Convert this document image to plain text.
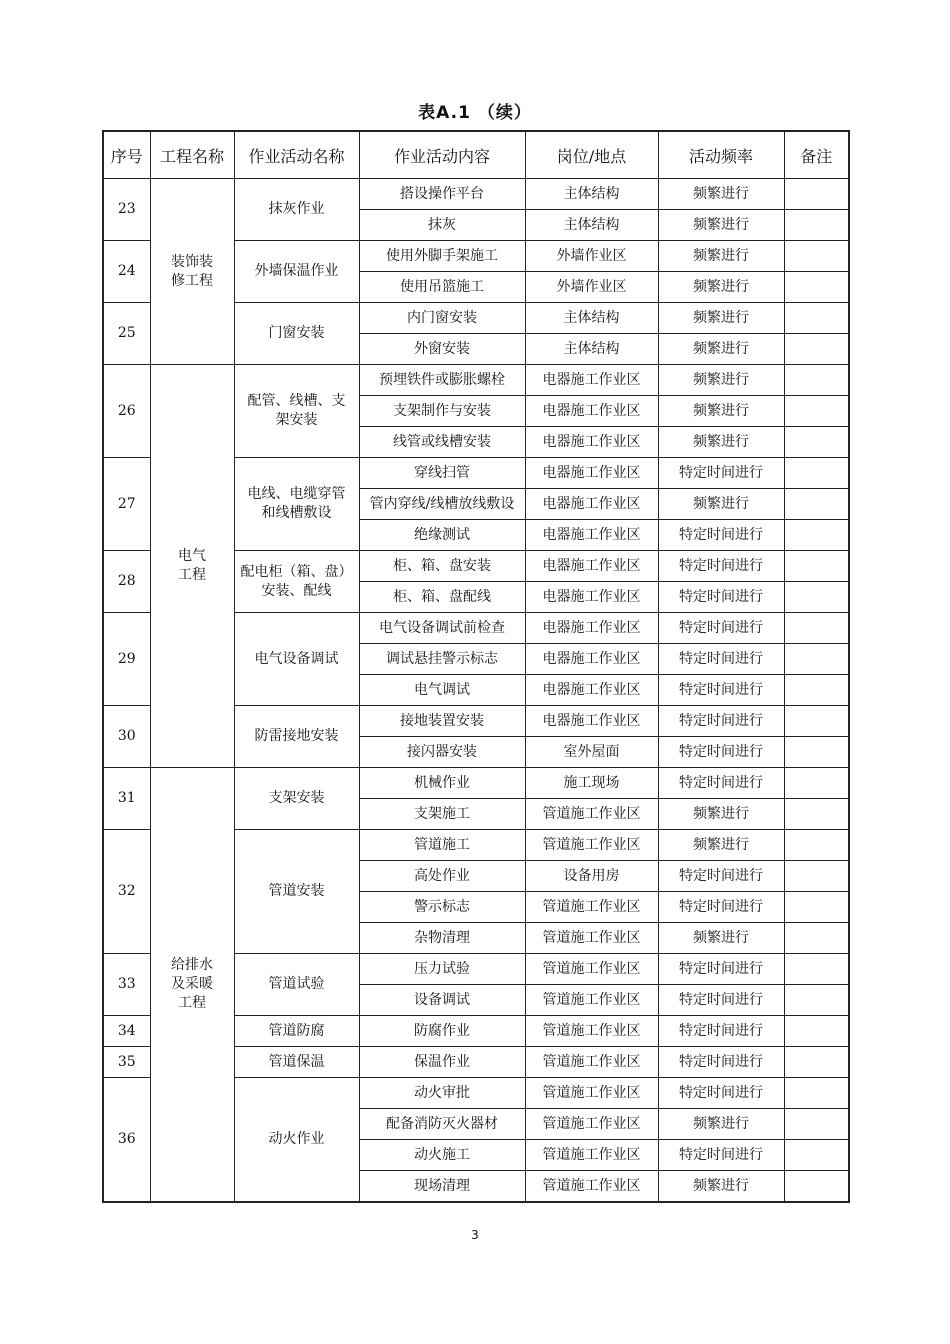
表A.1 （续）
序号	工程名称	作业活动名称	作业活动内容	岗位/地点	活动频率	备注
23	装饰装修工程	抹灰作业	搭设操作平台	主体结构	频繁进行	
			抹灰	主体结构	频繁进行	
24		外墙保温作业	使用外脚手架施工	外墙作业区	频繁进行	
			使用吊篮施工	外墙作业区	频繁进行	
25		门窗安装	内门窗安装	主体结构	频繁进行	
			外窗安装	主体结构	频繁进行	
26	电气工程	配管、线槽、支架安装	预埋铁件或膨胀螺栓	电器施工作业区	频繁进行	
			支架制作与安装	电器施工作业区	频繁进行	
			线管或线槽安装	电器施工作业区	频繁进行	
27		电线、电缆穿管和线槽敷设	穿线扫管	电器施工作业区	特定时间进行	
			管内穿线/线槽放线敷设	电器施工作业区	频繁进行	
			绝缘测试	电器施工作业区	特定时间进行	
28		配电柜（箱、盘）安装、配线	柜、箱、盘安装	电器施工作业区	特定时间进行	
			柜、箱、盘配线	电器施工作业区	特定时间进行	
29		电气设备调试	电气设备调试前检查	电器施工作业区	特定时间进行	
			调试悬挂警示标志	电器施工作业区	特定时间进行	
			电气调试	电器施工作业区	特定时间进行	
30		防雷接地安装	接地装置安装	电器施工作业区	特定时间进行	
			接闪器安装	室外屋面	特定时间进行	
31	给排水及采暖工程	支架安装	机械作业	施工现场	特定时间进行	
			支架施工	管道施工作业区	频繁进行	
32		管道安装	管道施工	管道施工作业区	频繁进行	
			高处作业	设备用房	特定时间进行	
			警示标志	管道施工作业区	特定时间进行	
			杂物清理	管道施工作业区	频繁进行	
33		管道试验	压力试验	管道施工作业区	特定时间进行	
			设备调试	管道施工作业区	特定时间进行	
34		管道防腐	防腐作业	管道施工作业区	特定时间进行	
35		管道保温	保温作业	管道施工作业区	特定时间进行	
36		动火作业	动火审批	管道施工作业区	特定时间进行	
			配备消防灭火器材	管道施工作业区	频繁进行	
			动火施工	管道施工作业区	特定时间进行	
			现场清理	管道施工作业区	频繁进行	
3
